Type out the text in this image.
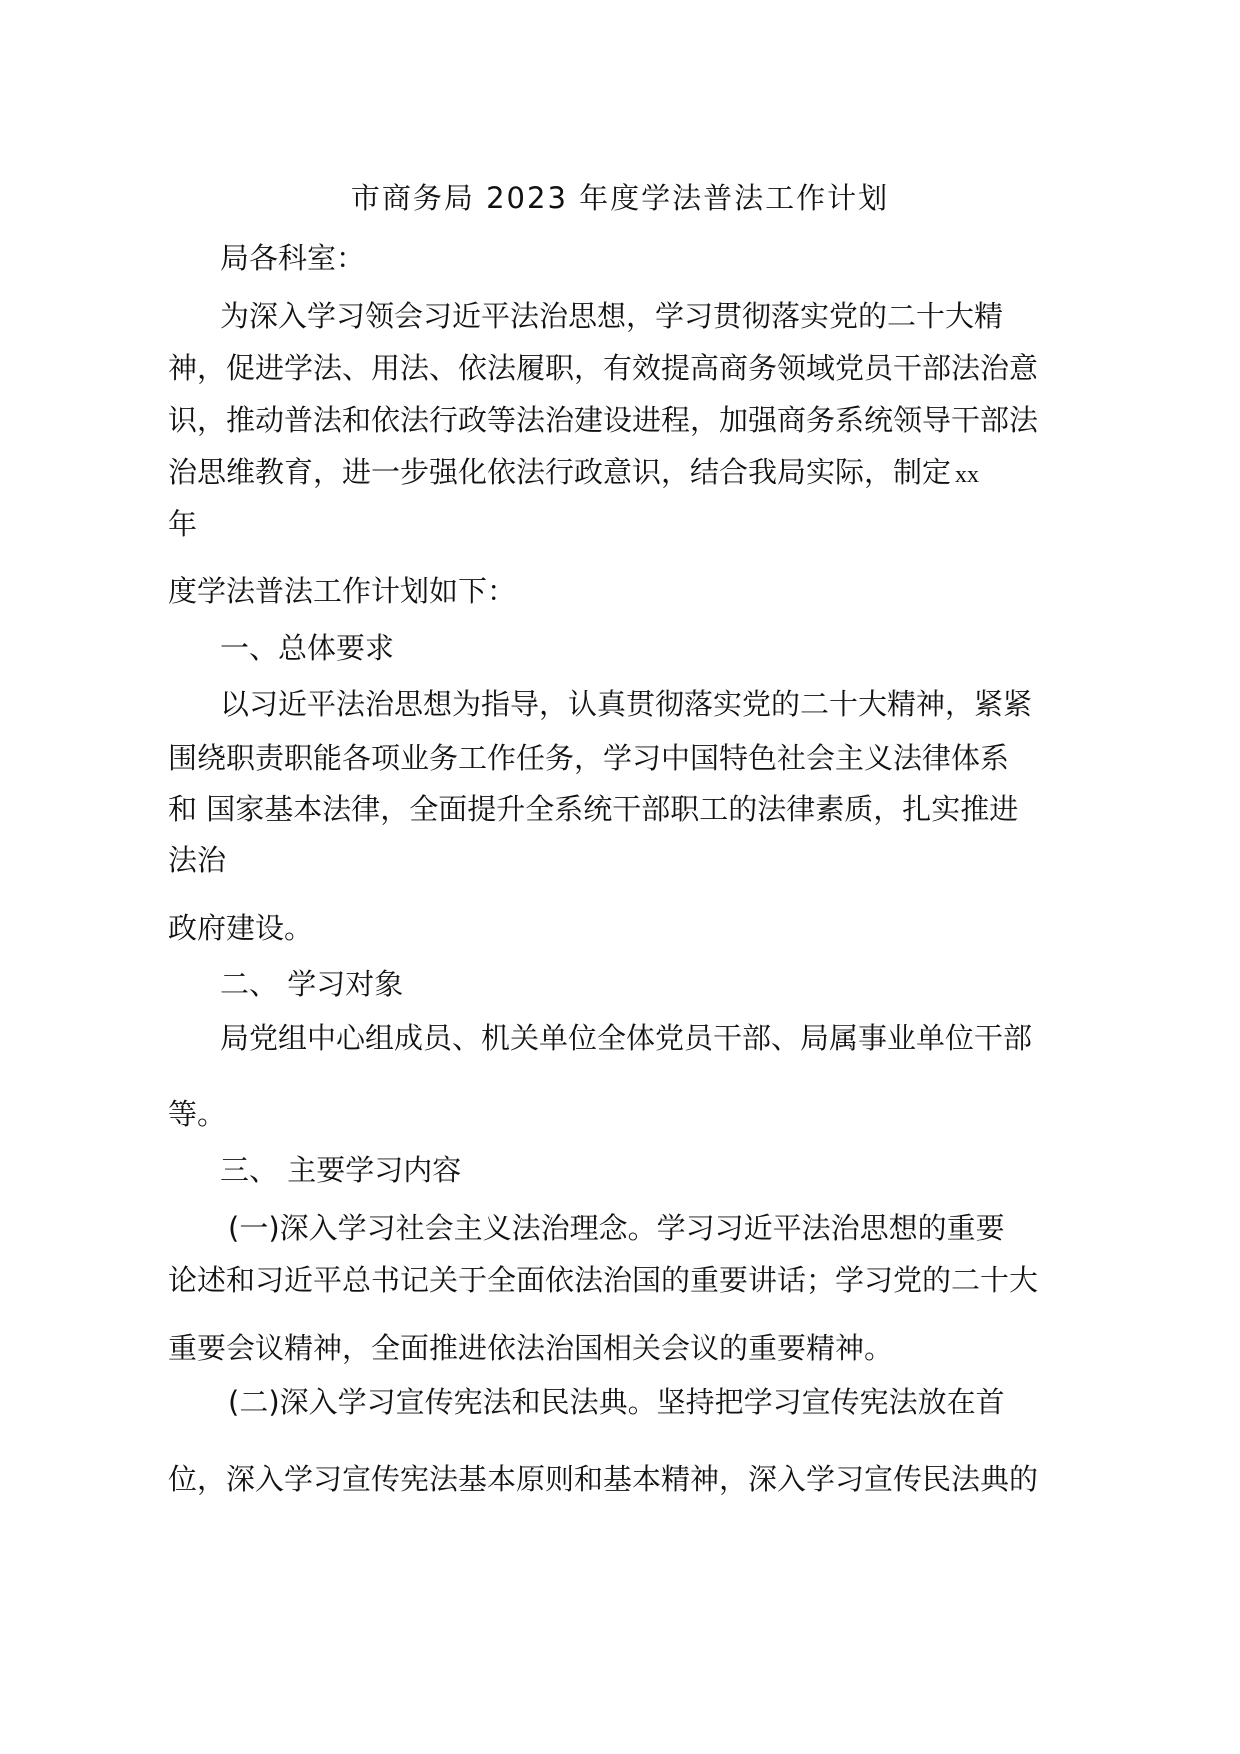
市商务局 2023 年度学法普法工作计划
局各科室：
为深入学习领会习近平法治思想，学习贯彻落实党的二十大精
神，促进学法、用法、依法履职，有效提高商务领域党员干部法治意
识，推动普法和依法行政等法治建设进程，加强商务系统领导干部法
治思维教育，进一步强化依法行政意识，结合我局实际，制定 xx
年
度学法普法工作计划如下：
一、总体要求
以习近平法治思想为指导，认真贯彻落实党的二十大精神，紧紧
围绕职责职能各项业务工作任务，学习中国特色社会主义法律体系
和 国家基本法律，全面提升全系统干部职工的法律素质，扎实推进
法治
政府建设。
二、 学习对象
局党组中心组成员、机关单位全体党员干部、局属事业单位干部
等。
三、 主要学习内容
(一)深入学习社会主义法治理念。学习习近平法治思想的重要
论述和习近平总书记关于全面依法治国的重要讲话；学习党的二十大
重要会议精神，全面推进依法治国相关会议的重要精神。
(二)深入学习宣传宪法和民法典。坚持把学习宣传宪法放在首
位，深入学习宣传宪法基本原则和基本精神，深入学习宣传民法典的
